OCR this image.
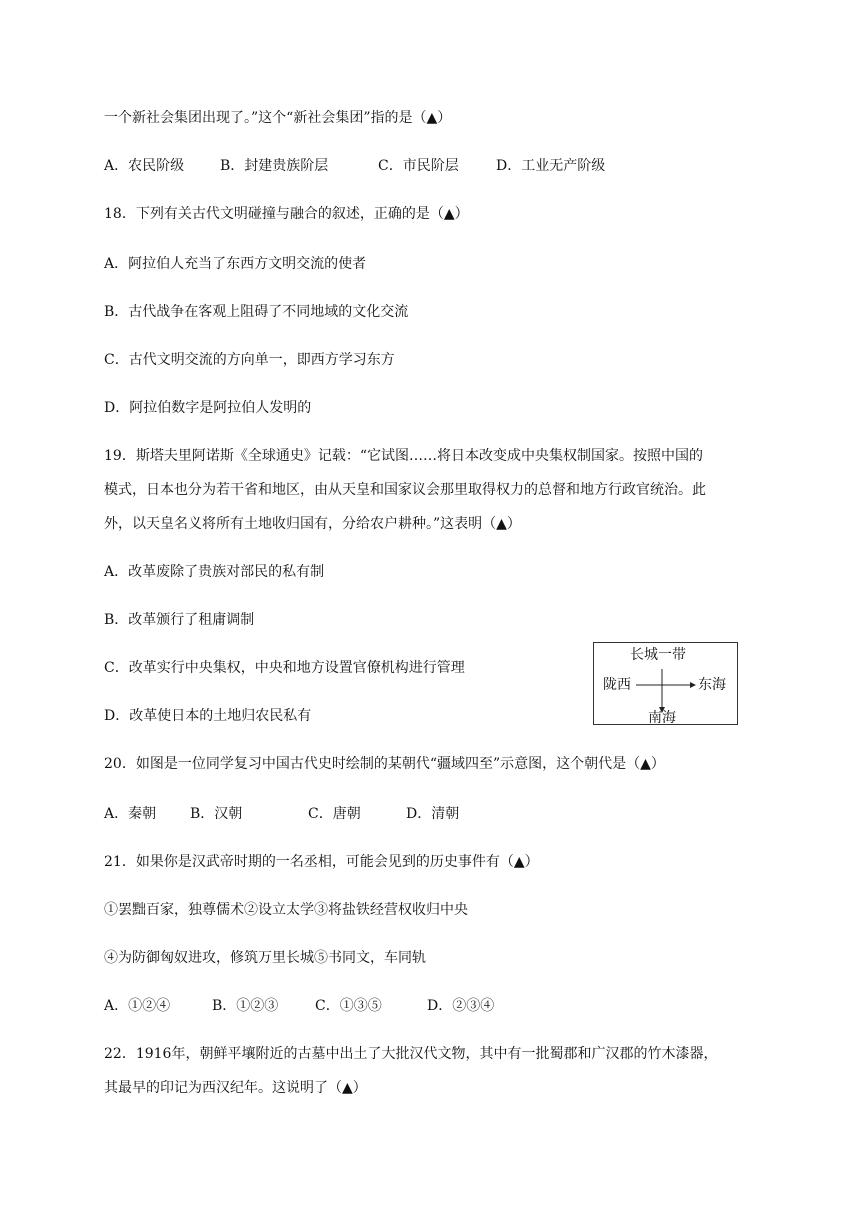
一个新社会集团出现了。”这个“新社会集团”指的是（▲）
A．农民阶级	B．封建贵族阶层	C．市民阶层	D．工业无产阶级
18．下列有关古代文明碰撞与融合的叙述，正确的是（▲）
A．阿拉伯人充当了东西方文明交流的使者
B．古代战争在客观上阻碍了不同地域的文化交流
C．古代文明交流的方向单一，即西方学习东方
D．阿拉伯数字是阿拉伯人发明的
19．斯塔夫里阿诺斯《全球通史》记载：“它试图……将日本改变成中央集权制国家。按照中国的
模式，日本也分为若干省和地区，由从天皇和国家议会那里取得权力的总督和地方行政官统治。此
外，以天皇名义将所有土地收归国有，分给农户耕种。”这表明（▲）
A．改革废除了贵族对部民的私有制
B．改革颁行了租庸调制
C．改革实行中央集权，中央和地方设置官僚机构进行管理
D．改革使日本的土地归农民私有
长城一带
陇西	东海
南海
20．如图是一位同学复习中国古代史时绘制的某朝代“疆域四至”示意图，这个朝代是（▲）
A．秦朝 B．汉朝	C．唐朝	D．清朝
21．如果你是汉武帝时期的一名丞相，可能会见到的历史事件有（▲）
①罢黜百家，独尊儒术②设立太学③将盐铁经营权收归中央
④为防御匈奴进攻，修筑万里长城⑤书同文，车同轨
A．①②④	B．①②③	C．①③⑤	D．②③④
22．1916年，朝鲜平壤附近的古墓中出土了大批汉代文物，其中有一批蜀郡和广汉郡的竹木漆器，
其最早的印记为西汉纪年。这说明了（▲）
